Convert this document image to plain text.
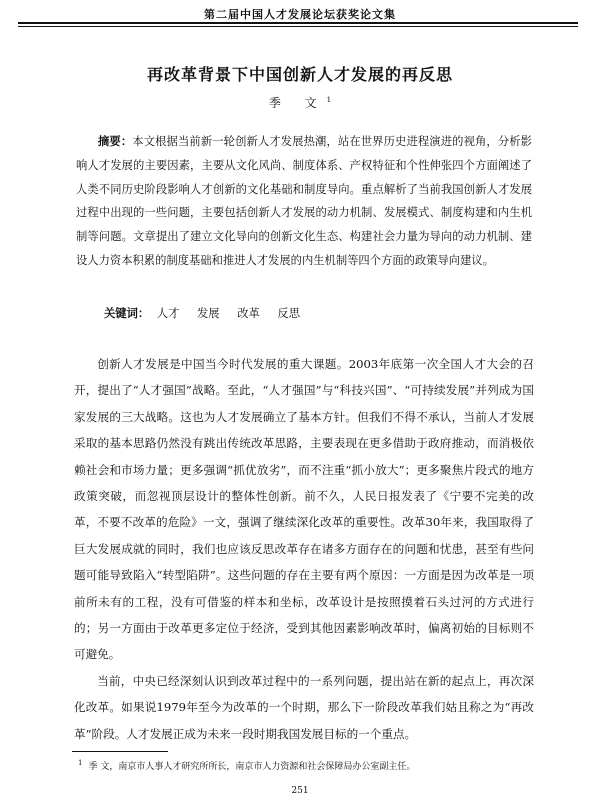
第二届中国人才发展论坛获奖论文集
再改革背景下中国创新人才发展的再反思
季 文$^1$
摘要：本文根据当前新一轮创新人才发展热潮，站在世界历史进程演进的视角，分析影响人才发展的主要因素，主要从文化风尚、制度体系、产权特征和个性伸张四个方面阐述了人类不同历史阶段影响人才创新的文化基础和制度导向。重点解析了当前我国创新人才发展过程中出现的一些问题，主要包括创新人才发展的动力机制、发展模式、制度构建和内生机制等问题。文章提出了建立文化导向的创新文化生态、构建社会力量为导向的动力机制、建设人力资本积累的制度基础和推进人才发展的内生机制等四个方面的政策导向建议。
关键词： 人才 发展 改革 反思

创新人才发展是中国当今时代发展的重大课题。2003年底第一次全国人才大会的召开，提出了“人才强国”战略。至此，“人才强国”与“科技兴国”、“可持续发展”并列成为国家发展的三大战略。这也为人才发展确立了基本方针。但我们不得不承认，当前人才发展采取的基本思路仍然没有跳出传统改革思路，主要表现在更多借助于政府推动，而消极依赖社会和市场力量；更多强调“抓优放劣”，而不注重“抓小放大”；更多聚焦片段式的地方政策突破，而忽视顶层设计的整体性创新。前不久，人民日报发表了《宁要不完美的改革，不要不改革的危险》一文，强调了继续深化改革的重要性。改革30年来，我国取得了巨大发展成就的同时，我们也应该反思改革存在诸多方面存在的问题和忧患，甚至有些问题可能导致陷入“转型陷阱”。这些问题的存在主要有两个原因：一方面是因为改革是一项前所未有的工程，没有可借鉴的样本和坐标，改革设计是按照摸着石头过河的方式进行的；另一方面由于改革更多定位于经济，受到其他因素影响改革时，偏离初始的目标则不可避免。

当前，中央已经深刻认识到改革过程中的一系列问题，提出站在新的起点上，再次深化改革。如果说1979年至今为改革的一个时期，那么下一阶段改革我们姑且称之为“再改革”阶段。人才发展正成为未来一段时期我国发展目标的一个重点。

$^1$ 季 文，南京市人事人才研究所所长，南京市人力资源和社会保障局办公室副主任。
251
